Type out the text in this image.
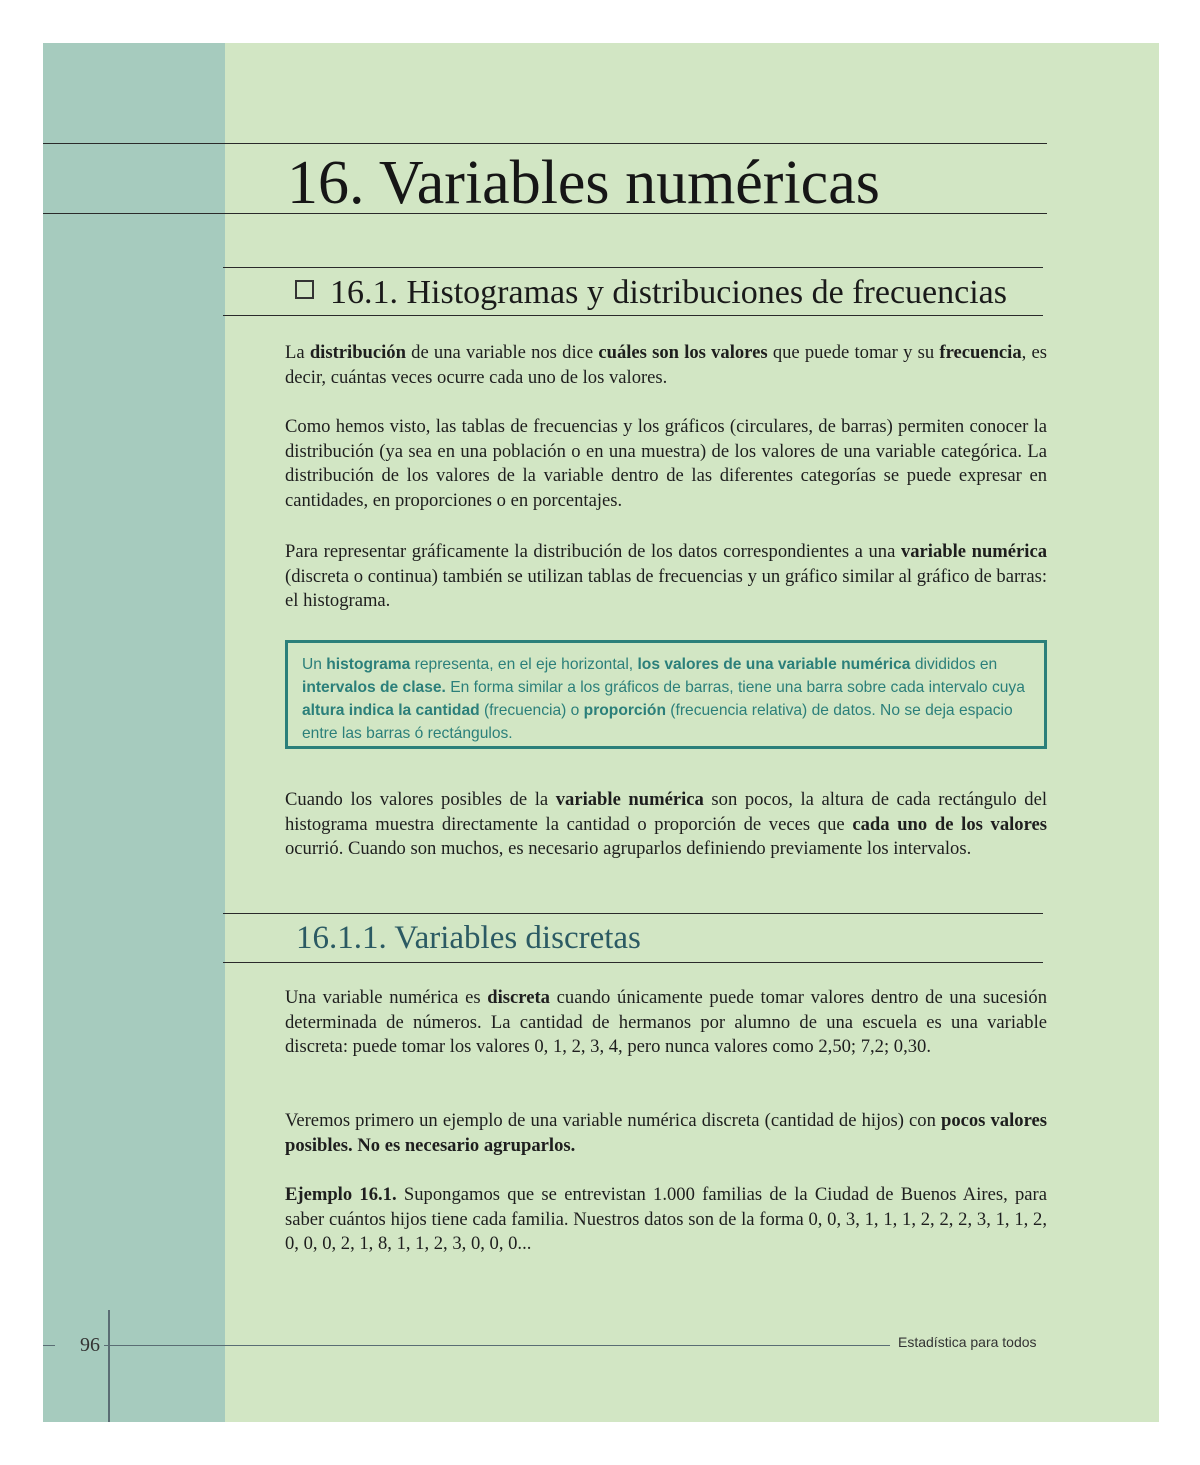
16. Variables numéricas
16.1. Histogramas y distribuciones de frecuencias
La distribución de una variable nos dice cuáles son los valores que puede tomar y su frecuencia, es decir, cuántas veces ocurre cada uno de los valores.
Como hemos visto, las tablas de frecuencias y los gráficos (circulares, de barras) permiten conocer la distribución (ya sea en una población o en una muestra) de los valores de una variable categórica. La distribución de los valores de la variable dentro de las diferentes categorías se puede expresar en cantidades, en proporciones o en porcentajes.
Para representar gráficamente la distribución de los datos correspondientes a una variable numérica (discreta o continua) también se utilizan tablas de frecuencias y un gráfico similar al gráfico de barras: el histograma.
Un histograma representa, en el eje horizontal, los valores de una variable numérica divididos en intervalos de clase. En forma similar a los gráficos de barras, tiene una barra sobre cada intervalo cuya altura indica la cantidad (frecuencia) o proporción (frecuencia relativa) de datos. No se deja espacio entre las barras ó rectángulos.
Cuando los valores posibles de la variable numérica son pocos, la altura de cada rectángulo del histograma muestra directamente la cantidad o proporción de veces que cada uno de los valores ocurrió. Cuando son muchos, es necesario agruparlos definiendo previamente los intervalos.
16.1.1. Variables discretas
Una variable numérica es discreta cuando únicamente puede tomar valores dentro de una sucesión determinada de números. La cantidad de hermanos por alumno de una escuela es una variable discreta: puede tomar los valores 0, 1, 2, 3, 4, pero nunca valores como 2,50; 7,2; 0,30.
Veremos primero un ejemplo de una variable numérica discreta (cantidad de hijos) con pocos valores posibles. No es necesario agruparlos.
Ejemplo 16.1. Supongamos que se entrevistan 1.000 familias de la Ciudad de Buenos Aires, para saber cuántos hijos tiene cada familia. Nuestros datos son de la forma 0, 0, 3, 1, 1, 1, 2, 2, 2, 3, 1, 1, 2, 0, 0, 0, 2, 1, 8, 1, 1, 2, 3, 0, 0, 0...
96	Estadística para todos
